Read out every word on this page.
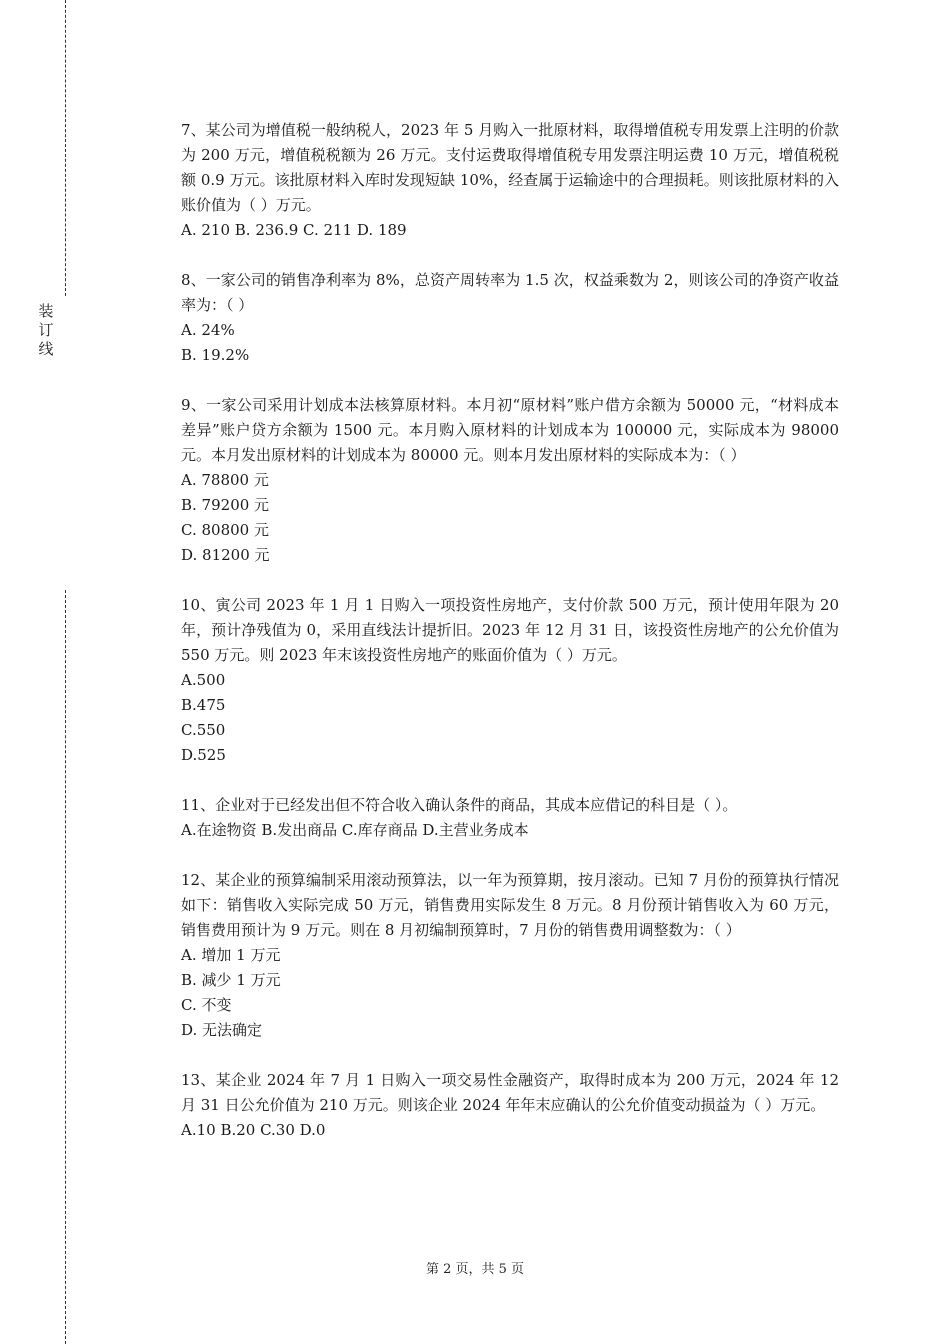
装
订
线
7、某公司为增值税一般纳税人，2023 年 5 月购入一批原材料，取得增值税专用发票上注明的价款为 200 万元，增值税税额为 26 万元。支付运费取得增值税专用发票注明运费 10 万元，增值税税额 0.9 万元。该批原材料入库时发现短缺 10%，经查属于运输途中的合理损耗。则该批原材料的入账价值为（ ）万元。
A. 210 B. 236.9 C. 211 D. 189
8、一家公司的销售净利率为 8%，总资产周转率为 1.5 次，权益乘数为 2，则该公司的净资产收益率为：（ ）
A. 24%
B. 19.2%
9、一家公司采用计划成本法核算原材料。本月初“原材料”账户借方余额为 50000 元，“材料成本差异”账户贷方余额为 1500 元。本月购入原材料的计划成本为 100000 元，实际成本为 98000 元。本月发出原材料的计划成本为 80000 元。则本月发出原材料的实际成本为：（ ）
A. 78800 元
B. 79200 元
C. 80800 元
D. 81200 元
10、寅公司 2023 年 1 月 1 日购入一项投资性房地产，支付价款 500 万元，预计使用年限为 20 年，预计净残值为 0，采用直线法计提折旧。2023 年 12 月 31 日，该投资性房地产的公允价值为 550 万元。则 2023 年末该投资性房地产的账面价值为（ ）万元。
A.500
B.475
C.550
D.525
11、企业对于已经发出但不符合收入确认条件的商品，其成本应借记的科目是（ ）。
A.在途物资 B.发出商品 C.库存商品 D.主营业务成本
12、某企业的预算编制采用滚动预算法，以一年为预算期，按月滚动。已知 7 月份的预算执行情况如下：销售收入实际完成 50 万元，销售费用实际发生 8 万元。8 月份预计销售收入为 60 万元，销售费用预计为 9 万元。则在 8 月初编制预算时，7 月份的销售费用调整数为：（ ）
A. 增加 1 万元
B. 减少 1 万元
C. 不变
D. 无法确定
13、某企业 2024 年 7 月 1 日购入一项交易性金融资产，取得时成本为 200 万元，2024 年 12 月 31 日公允价值为 210 万元。则该企业 2024 年年末应确认的公允价值变动损益为（ ）万元。
A.10 B.20 C.30 D.0
第 2 页，共 5 页
